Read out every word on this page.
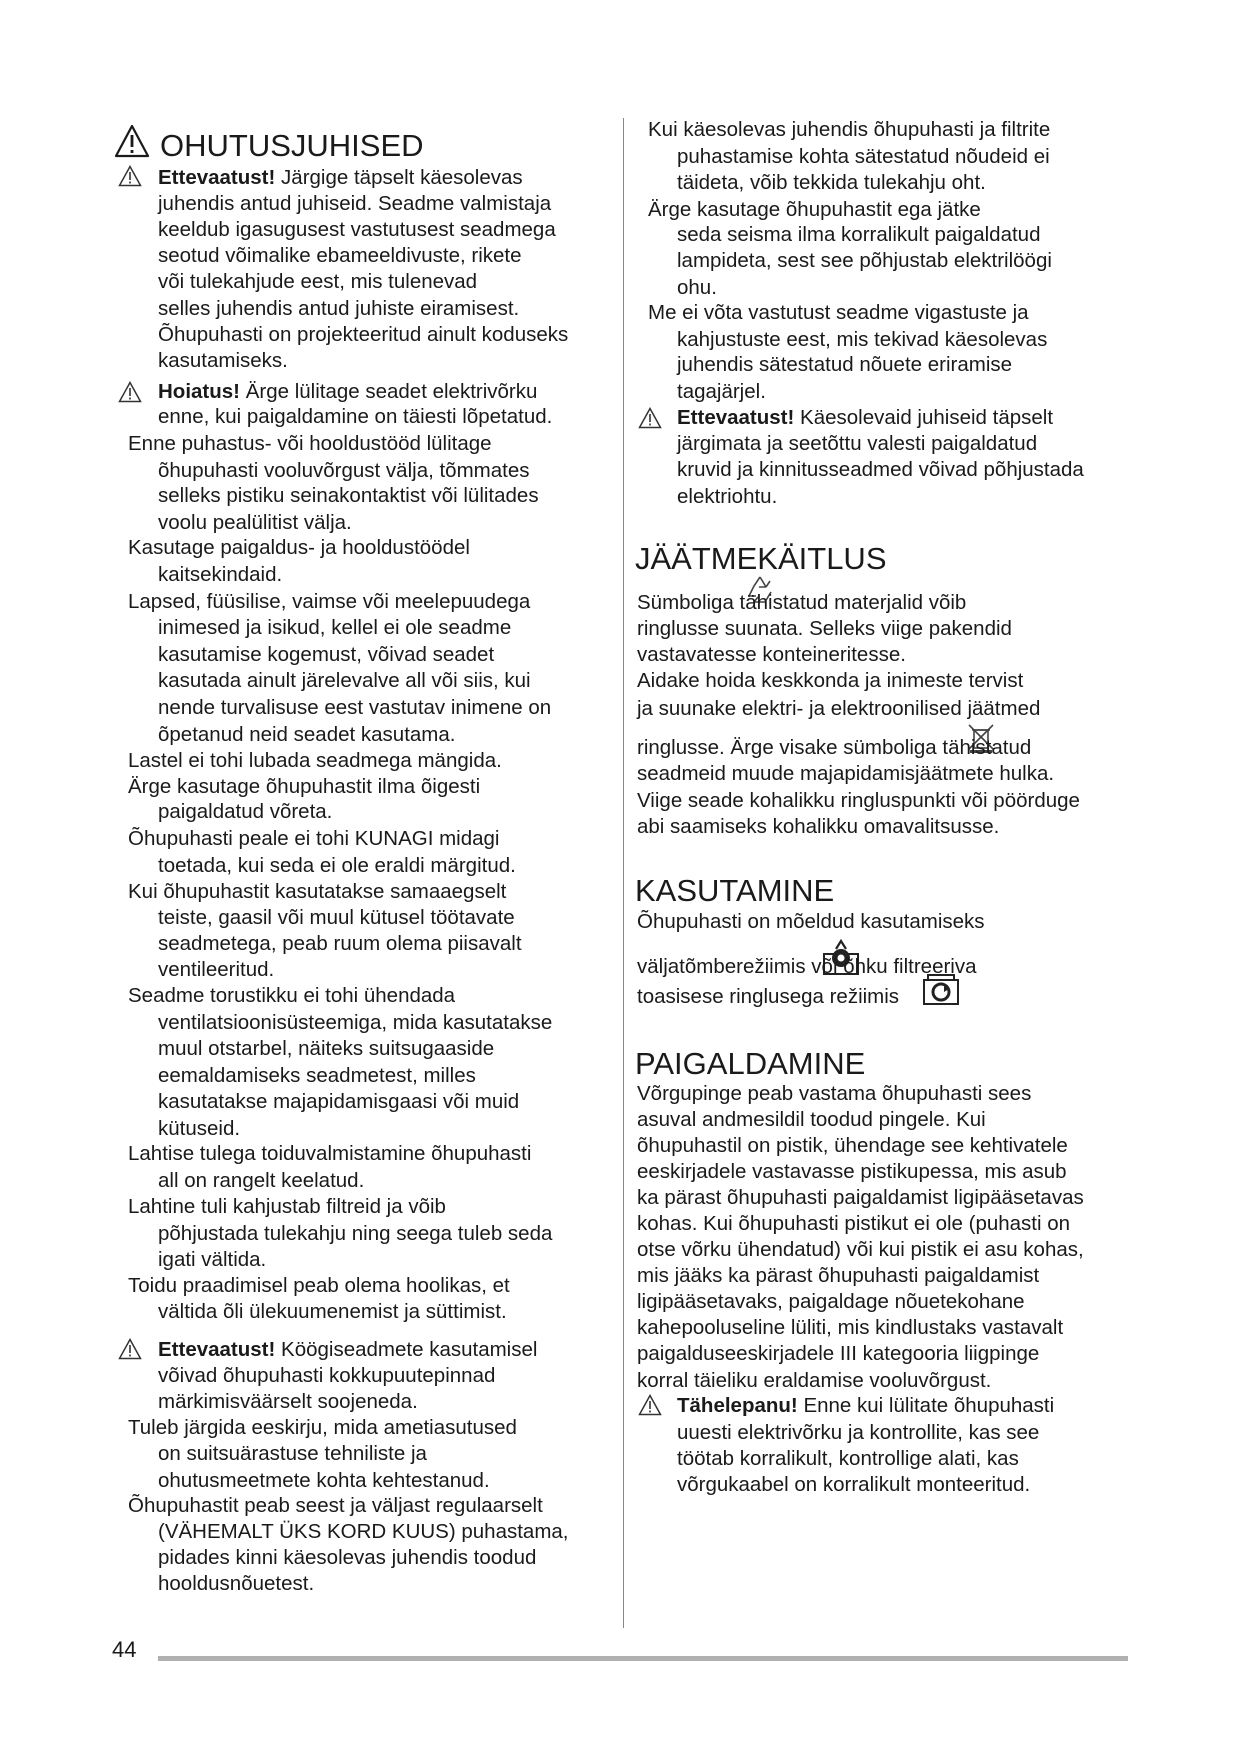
OHUTUSJUHISED
Ettevaatust! Järgige täpselt käesolevas
juhendis antud juhiseid. Seadme valmistaja
keeldub igasugusest vastutusest seadmega
seotud võimalike ebameeldivuste, rikete
või tulekahjude eest, mis tulenevad
selles juhendis antud juhiste eiramisest.
Õhupuhasti on projekteeritud ainult koduseks
kasutamiseks.
Hoiatus! Ärge lülitage seadet elektrivõrku
enne, kui paigaldamine on täiesti lõpetatud.
Enne puhastus- või hooldustööd lülitage
õhupuhasti vooluvõrgust välja, tõmmates
selleks pistiku seinakontaktist või lülitades
voolu pealülitist välja.
Kasutage paigaldus- ja hooldustöödel
kaitsekindaid.
Lapsed, füüsilise, vaimse või meelepuudega
inimesed ja isikud, kellel ei ole seadme
kasutamise kogemust, võivad seadet
kasutada ainult järelevalve all või siis, kui
nende turvalisuse eest vastutav inimene on
õpetanud neid seadet kasutama.
Lastel ei tohi lubada seadmega mängida.
Ärge kasutage õhupuhastit ilma õigesti
paigaldatud võreta.
Õhupuhasti peale ei tohi KUNAGI midagi
toetada, kui seda ei ole eraldi märgitud.
Kui õhupuhastit kasutatakse samaaegselt
teiste, gaasil või muul kütusel töötavate
seadmetega, peab ruum olema piisavalt
ventileeritud.
Seadme torustikku ei tohi ühendada
ventilatsioonisüsteemiga, mida kasutatakse
muul otstarbel, näiteks suitsugaaside
eemaldamiseks seadmetest, milles
kasutatakse majapidamisgaasi või muid
kütuseid.
Lahtise tulega toiduvalmistamine õhupuhasti
all on rangelt keelatud.
Lahtine tuli kahjustab filtreid ja võib
põhjustada tulekahju ning seega tuleb seda
igati vältida.
Toidu praadimisel peab olema hoolikas, et
vältida õli ülekuumenemist ja süttimist.
Ettevaatust! Köögiseadmete kasutamisel
võivad õhupuhasti kokkupuutepinnad
märkimisväärselt soojeneda.
Tuleb järgida eeskirju, mida ametiasutused
on suitsuärastuse tehniliste ja
ohutusmeetmete kohta kehtestanud.
Õhupuhastit peab seest ja väljast regulaarselt
(VÄHEMALT ÜKS KORD KUUS) puhastama,
pidades kinni käesolevas juhendis toodud
hooldusnõuetest.
Kui käesolevas juhendis õhupuhasti ja filtrite
puhastamise kohta sätestatud nõudeid ei
täideta, võib tekkida tulekahju oht.
Ärge kasutage õhupuhastit ega jätke
seda seisma ilma korralikult paigaldatud
lampideta, sest see põhjustab elektrilöögi
ohu.
Me ei võta vastutust seadme vigastuste ja
kahjustuste eest, mis tekivad käesolevas
juhendis sätestatud nõuete eriramise
tagajärjel.
Ettevaatust! Käesolevaid juhiseid täpselt
järgimata ja seetõttu valesti paigaldatud
kruvid ja kinnitusseadmed võivad põhjustada
elektriohtu.
JÄÄTMEKÄITLUS
Sümboliga tähistatud materjalid võib
ringlusse suunata. Selleks viige pakendid
vastavatesse konteineritesse.
Aidake hoida keskkonda ja inimeste tervist
ja suunake elektri- ja elektroonilised jäätmed
ringlusse. Ärge visake sümboliga tähistatud
seadmeid muude majapidamisjäätmete hulka.
Viige seade kohalikku ringluspunkti või pöörduge
abi saamiseks kohalikku omavalitsusse.
KASUTAMINE
Õhupuhasti on mõeldud kasutamiseks
väljatõmberežiimis või õhku filtreeriva
toasisese ringlusega režiimis
PAIGALDAMINE
Võrgupinge peab vastama õhupuhasti sees
asuval andmesildil toodud pingele. Kui
õhupuhastil on pistik, ühendage see kehtivatele
eeskirjadele vastavasse pistikupessa, mis asub
ka pärast õhupuhasti paigaldamist ligipääsetavas
kohas. Kui õhupuhasti pistikut ei ole (puhasti on
otse võrku ühendatud) või kui pistik ei asu kohas,
mis jääks ka pärast õhupuhasti paigaldamist
ligipääsetavaks, paigaldage nõuetekohane
kahepooluseline lüliti, mis kindlustaks vastavalt
paigalduseeskirjadele III kategooria liigpinge
korral täieliku eraldamise vooluvõrgust.
Tähelepanu! Enne kui lülitate õhupuhasti
uuesti elektrivõrku ja kontrollite, kas see
töötab korralikult, kontrollige alati, kas
võrgukaabel on korralikult monteeritud.
44
